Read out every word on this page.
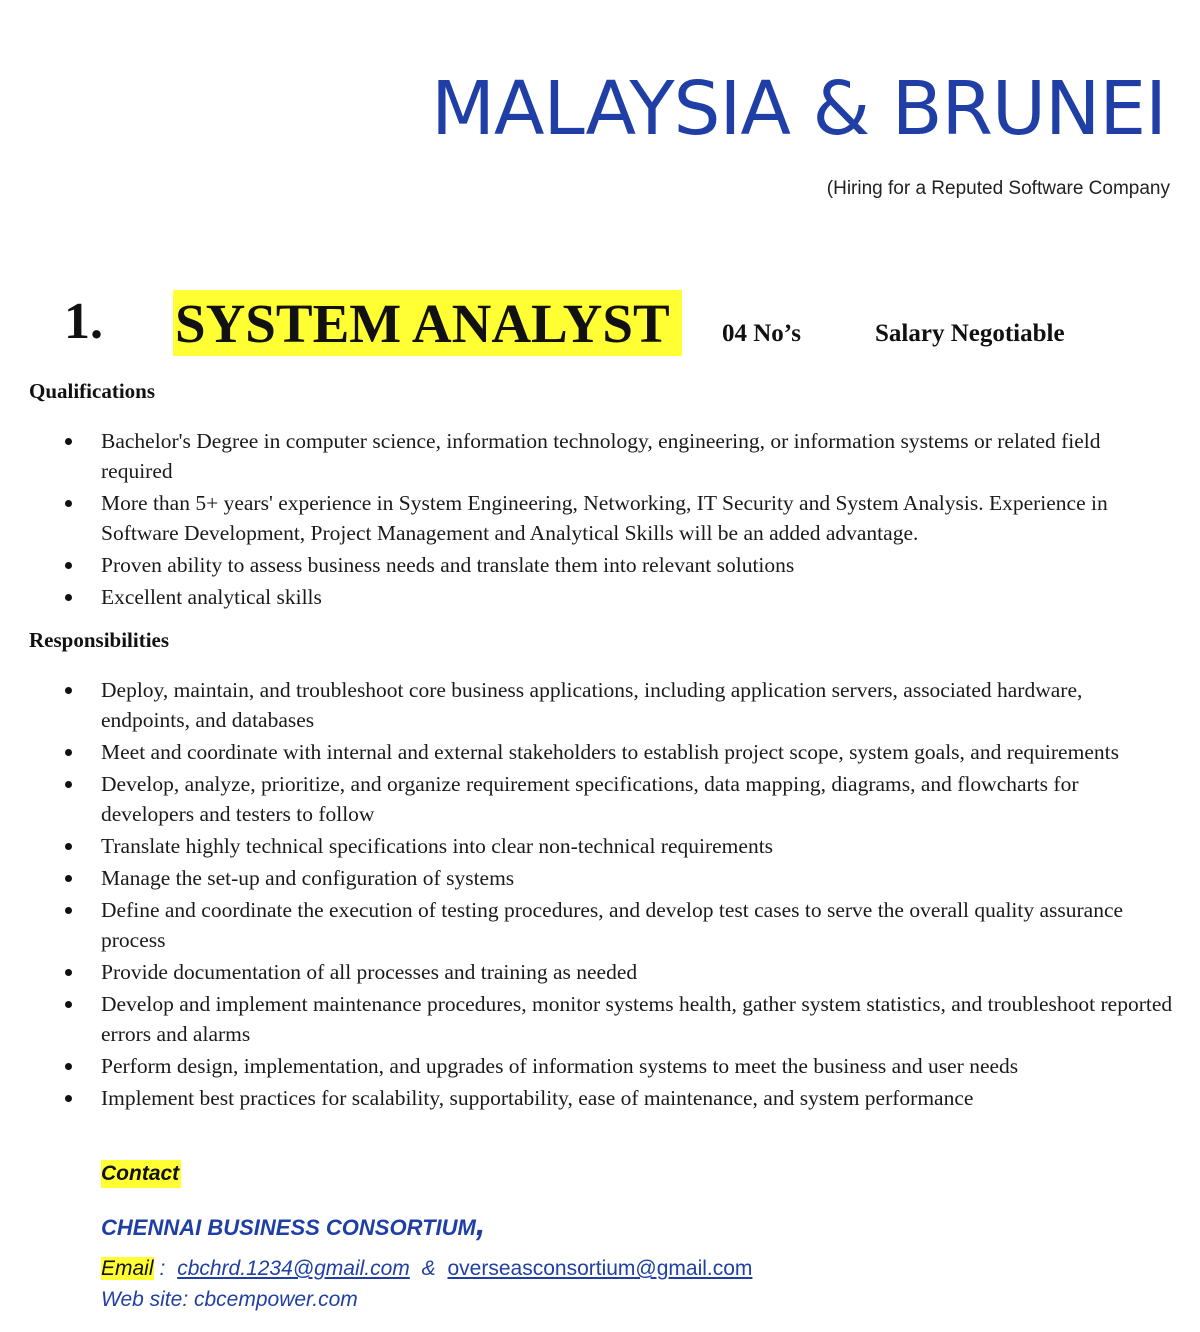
MALAYSIA & BRUNEI
(Hiring for a Reputed Software Company
1. SYSTEM ANALYST	04 No’s	Salary Negotiable
Qualifications
Bachelor's Degree in computer science, information technology, engineering, or information systems or related field required
More than 5+ years' experience in System Engineering, Networking, IT Security and System Analysis. Experience in Software Development, Project Management and Analytical Skills will be an added advantage.
Proven ability to assess business needs and translate them into relevant solutions
Excellent analytical skills
Responsibilities
Deploy, maintain, and troubleshoot core business applications, including application servers, associated hardware, endpoints, and databases
Meet and coordinate with internal and external stakeholders to establish project scope, system goals, and requirements
Develop, analyze, prioritize, and organize requirement specifications, data mapping, diagrams, and flowcharts for developers and testers to follow
Translate highly technical specifications into clear non-technical requirements
Manage the set-up and configuration of systems
Define and coordinate the execution of testing procedures, and develop test cases to serve the overall quality assurance process
Provide documentation of all processes and training as needed
Develop and implement maintenance procedures, monitor systems health, gather system statistics, and troubleshoot reported errors and alarms
Perform design, implementation, and upgrades of information systems to meet the business and user needs
Implement best practices for scalability, supportability, ease of maintenance, and system performance
Contact
CHENNAI BUSINESS CONSORTIUM,
Email : cbchrd.1234@gmail.com & overseasconsortium@gmail.com
Web site: cbcempower.com
